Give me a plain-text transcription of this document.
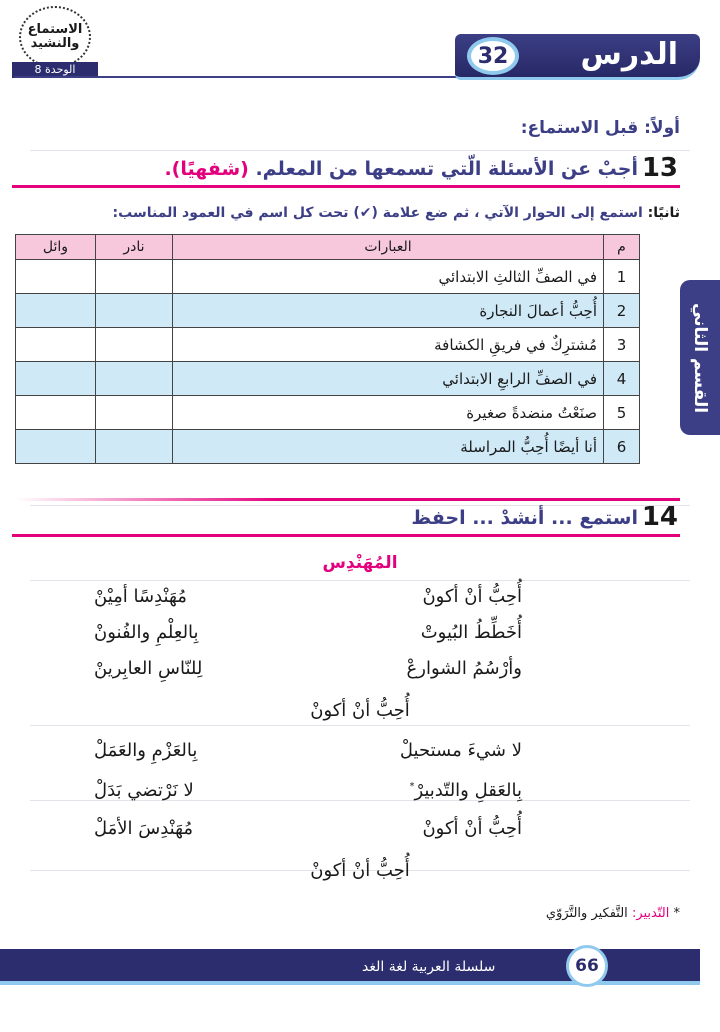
الاستماع والنشيد
الوحدة 8	الدرس
32
القسم الثاني
أولاً: قبل الاستماع:
13
أجبْ عن الأسئلة الّتي تسمعها من المعلم. (شفهيًا).
ثانيًا: استمع إلى الحوار الآتي ، ثم ضع علامة (✔) تحت كل اسم في العمود المناسب:
م	العبارات	نادر	وائل
1	في الصفِّ الثالثِ الابتدائي		
2	أُحِبُّ أعمالَ النجارة		
3	مُشترِكٌ في فريقِ الكشافة		
4	في الصفِّ الرابعِ الابتدائي		
5	صنَعْتُ منضدةً صغيرة		
6	أنا أيضًا أُحِبُّ المراسلة		
14
استمع ... أنشدْ ... احفظ
المُهَنْدِس
أُحِبُّ أنْ أكونْ
مُهَنْدِسًا أمِيْنْ
أُخَطِّطُ البُيوتْ
بِالعِلْمِ والفُنونْ
وأرْسُمُ الشوارعْ
لِلنّاسِ العابِرينْ
أُحِبُّ أنْ أكونْ
لا شيءَ مستحيلْ
بِالعَزْمِ والعَمَلْ
بِالعَقلِ والتّدبيرْ*
لا نَرْتضي بَدَلْ
أُحِبُّ أنْ أكونْ
مُهَنْدِسَ الأمَلْ
أُحِبُّ أنْ أكونْ
* التّدبير: التَّفكير والتَّرَوّي
سلسلة العربية لغة الغد	66
